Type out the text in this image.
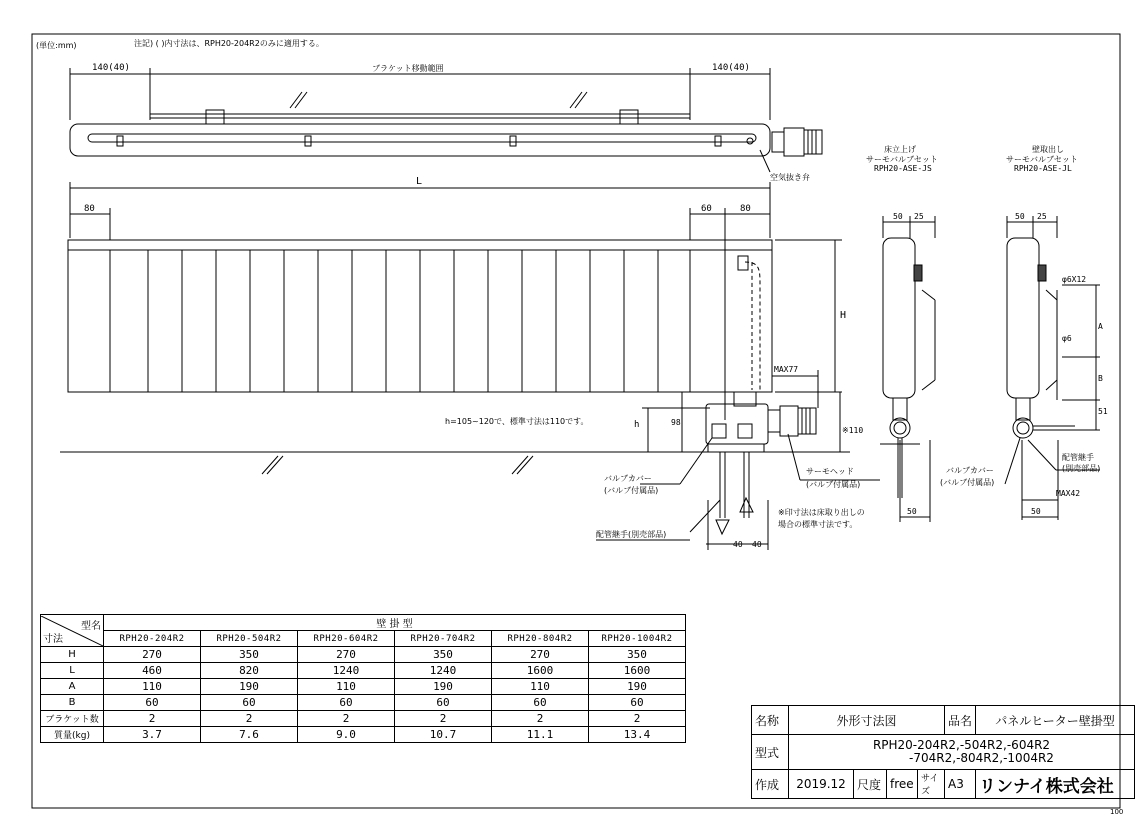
(単位:mm)	注記) ( )内寸法は、RPH20-204R2のみに適用する。
140(40)	ブラケット移動範囲	140(40)
空気抜き弁
L
80	60	80
H
MAX77
h=105~120で、標準寸法は110です。	h	98
※110
バルブカバー
(バルブ付属品)
サーモヘッド
(バルブ付属品)
配管継手(別売部品)
※印寸法は床取り出しの
場合の標準寸法です。
40 40
床立上げ
サーモバルブセット
RPH20-ASE-JS
50 25
50
壁取出し
サーモバルブセット
RPH20-ASE-JL
50 25
φ6X12
φ6
A
B
51
配管継手
(別売部品)
バルブカバー
(バルブ付属品)
MAX42
50
型名
寸法	壁 掛 型					
	RPH20-204R2	RPH20-504R2	RPH20-604R2	RPH20-704R2	RPH20-804R2	RPH20-1004R2
H	270	350	270	350	270	350
L	460	820	1240	1240	1600	1600
A	110	190	110	190	110	190
B	60	60	60	60	60	60
ブラケット数	2	2	2	2	2	2
質量(kg)	3.7	7.6	9.0	10.7	11.1	13.4
名称	外形寸法図				品名	パネルヒーター壁掛型
型式	RPH20-204R2,-504R2,-604R2
-704R2,-804R2,-1004R2					

作成	2019.12	尺度	free	サイズ	A3	リンナイ株式会社
100
